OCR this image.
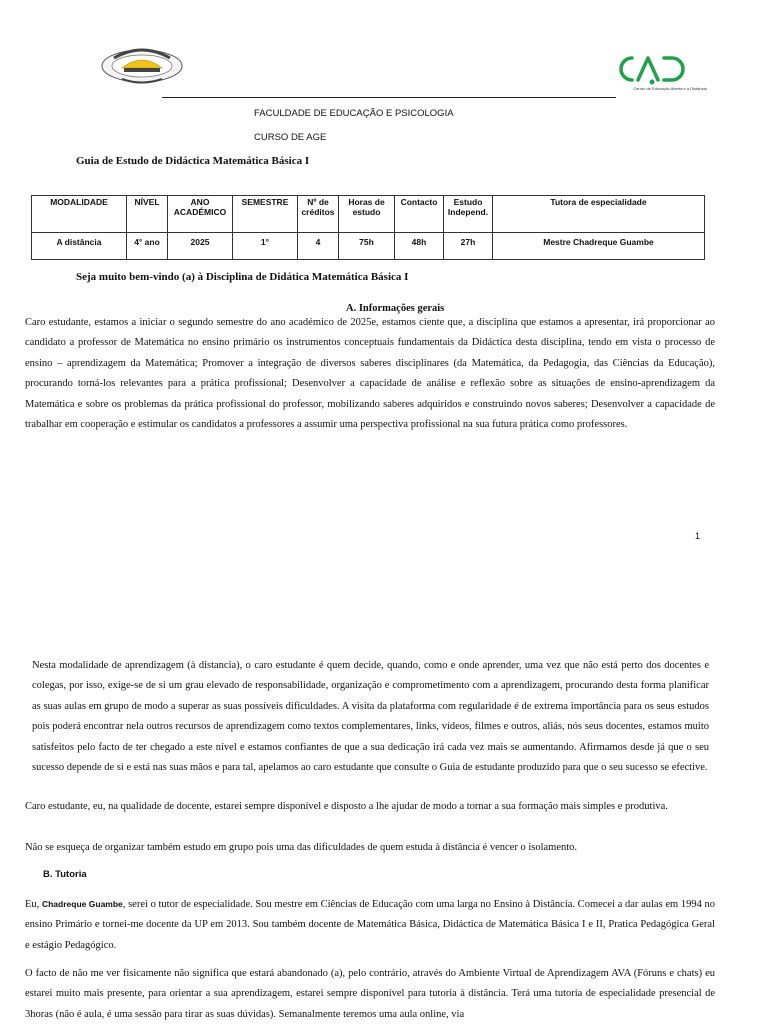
Centro de Educação Aberta e à Distância
FACULDADE DE EDUCAÇÃO E PSICOLOGIA
CURSO DE AGE
Guia de Estudo de Didáctica Matemática Básica I
MODALIDADE	NÍVEL	ANO ACADÉMICO	SEMESTRE	Nº de créditos	Horas de estudo	Contacto	Estudo Independ.	Tutora de especialidade
A distância	4° ano	2025	1°	4	75h	48h	27h	Mestre Chadreque Guambe
Seja muito bem-vindo (a) à Disciplina de Didática Matemática Básica I
A. Informações gerais

Caro estudante, estamos a iniciar o segundo semestre do ano académico de 2025e, estamos ciente que, a disciplina que estamos a apresentar, irá proporcionar ao candidato a professor de Matemática no ensino primário os instrumentos conceptuais fundamentais da Didáctica desta disciplina, tendo em vista o processo de ensino – aprendizagem da Matemática; Promover a integração de diversos saberes disciplinares (da Matemática, da Pedagogia, das Ciências da Educação), procurando torná-los relevantes para a prática profissional; Desenvolver a capacidade de análise e reflexão sobre as situações de ensino-aprendizagem da Matemática e sobre os problemas da prática profissional do professor, mobilizando saberes adquiridos e construindo novos saberes; Desenvolver a capacidade de trabalhar em cooperação e estimular os candidatos a professores a assumir uma perspectiva profissional na sua futura prática como professores.

1

Nesta modalidade de aprendizagem (à distancia), o caro estudante é quem decide, quando, como e onde aprender, uma vez que não está perto dos docentes e colegas, por isso, exige-se de si um grau elevado de responsabilidade, organização e comprometimento com a aprendizagem, procurando desta forma planificar as suas aulas em grupo de modo a superar as suas possíveis dificuldades. A visita da plataforma com regularidade é de extrema importância para os seus estudos pois poderá encontrar nela outros recursos de aprendizagem como textos complementares, links, vídeos, filmes e outros, aliás, nós seus docentes, estamos muito satisfeitos pelo facto de ter chegado a este nível e estamos confiantes de que a sua dedicação irá cada vez mais se aumentando. Afirmamos desde já que o seu sucesso depende de si e está nas suas mãos e para tal, apelamos ao caro estudante que consulte o Guia de estudante produzido para que o seu sucesso se efective.

Caro estudante, eu, na qualidade de docente, estarei sempre disponível e disposto a lhe ajudar de modo a tornar a sua formação mais simples e produtiva.

Não se esqueça de organizar também estudo em grupo pois uma das dificuldades de quem estuda à distância é vencer o isolamento.

B. Tutoria

Eu, Chadreque Guambe, serei o tutor de especialidade. Sou mestre em Ciências de Educação com uma larga no Ensino à Distância. Comecei a dar aulas em 1994 no ensino Primário e tornei-me docente da UP em 2013. Sou também docente de Matemática Básica, Didáctica de Matemática Básica I e II, Pratica Pedagógica Geral e estágio Pedagógico.

O facto de não me ver fisicamente não significa que estará abandonado (a), pelo contrário, através do Ambiente Virtual de Aprendizagem AVA (Fóruns e chats) eu estarei muito mais presente, para orientar a sua aprendizagem, estarei sempre disponível para tutoria à distância. Terá uma tutoria de especialidade presencial de 3horas (não é aula, é uma sessão para tirar as suas dúvidas). Semanalmente teremos uma aula online, via
